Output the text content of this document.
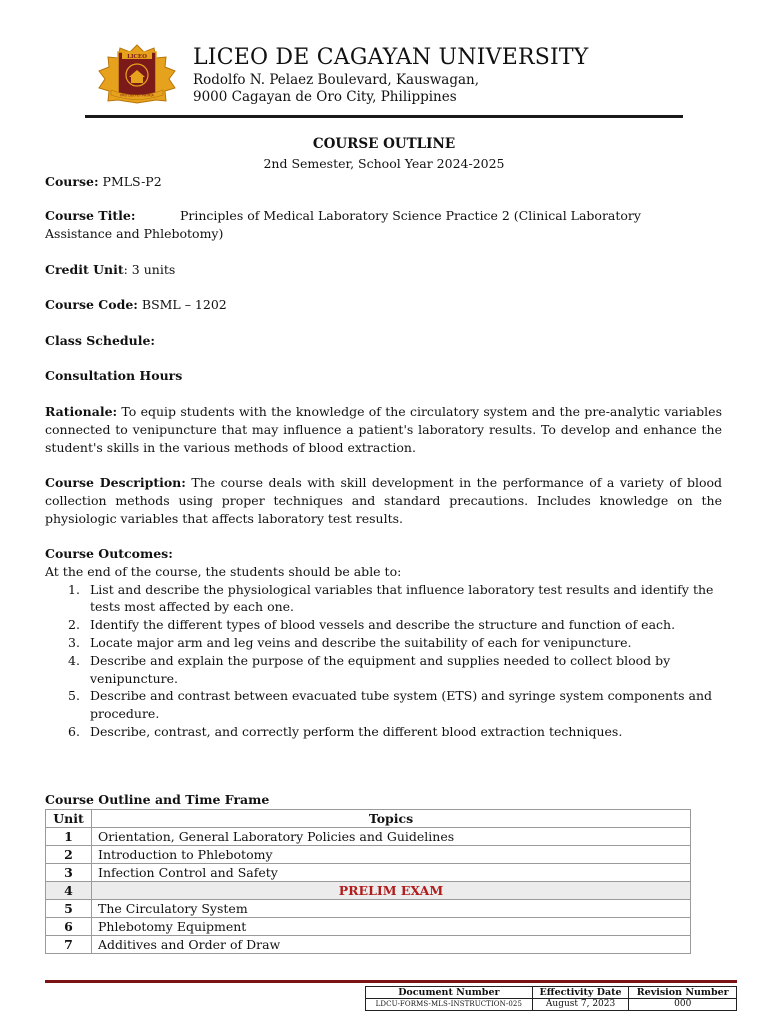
LICEO
PRO DEO ET PATRIA
LICEO DE CAGAYAN UNIVERSITY
Rodolfo N. Pelaez Boulevard, Kauswagan,
9000 Cagayan de Oro City, Philippines
COURSE OUTLINE
2nd Semester, School Year 2024-2025
Course: PMLS-P2
Course Title:	Principles of Medical Laboratory Science Practice 2 (Clinical Laboratory
Assistance and Phlebotomy)
Credit Unit: 3 units
Course Code: BSML – 1202
Class Schedule:
Consultation Hours
Rationale: To equip students with the knowledge of the circulatory system and the pre-analytic variables connected to venipuncture that may influence a patient's laboratory results. To develop and enhance the student's skills in the various methods of blood extraction.
Course Description: The course deals with skill development in the performance of a variety of blood collection methods using proper techniques and standard precautions. Includes knowledge on the physiologic variables that affects laboratory test results.
Course Outcomes:
At the end of the course, the students should be able to:
1. List and describe the physiological variables that influence laboratory test results and identify the tests most affected by each one.
2. Identify the different types of blood vessels and describe the structure and function of each.
3. Locate major arm and leg veins and describe the suitability of each for venipuncture.
4. Describe and explain the purpose of the equipment and supplies needed to collect blood by venipuncture.
5. Describe and contrast between evacuated tube system (ETS) and syringe system components and procedure.
6. Describe, contrast, and correctly perform the different blood extraction techniques.
Course Outline and Time Frame
Unit	Topics
1	Orientation, General Laboratory Policies and Guidelines
2	Introduction to Phlebotomy
3	Infection Control and Safety
4	PRELIM EXAM
5	The Circulatory System
6	Phlebotomy Equipment
7	Additives and Order of Draw
Document Number	Effectivity Date	Revision Number
LDCU-FORMS-MLS-INSTRUCTION-025	August 7, 2023	000
